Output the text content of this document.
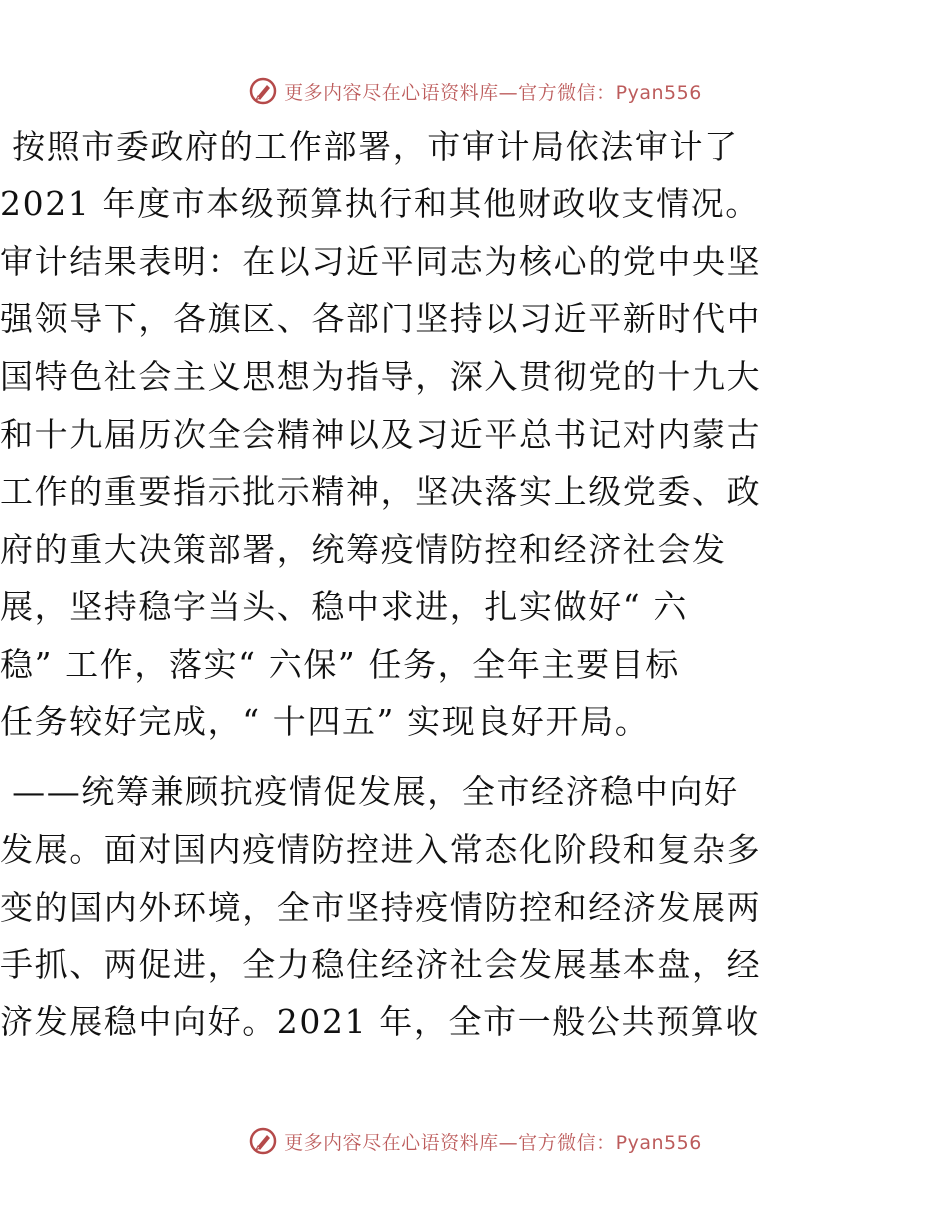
更多内容尽在心语资料库—官方微信：Pyan556
按照市委政府的工作部署，市审计局依法审计了
2021 年度市本级预算执行和其他财政收支情况。
审计结果表明：在以习近平同志为核心的党中央坚
强领导下，各旗区、各部门坚持以习近平新时代中
国特色社会主义思想为指导，深入贯彻党的十九大
和十九届历次全会精神以及习近平总书记对内蒙古
工作的重要指示批示精神，坚决落实上级党委、政
府的重大决策部署，统筹疫情防控和经济社会发
展，坚持稳字当头、稳中求进，扎实做好“ 六
稳” 工作，落实“ 六保” 任务，全年主要目标
任务较好完成，“ 十四五” 实现良好开局。
——统筹兼顾抗疫情促发展，全市经济稳中向好
发展。面对国内疫情防控进入常态化阶段和复杂多
变的国内外环境，全市坚持疫情防控和经济发展两
手抓、两促进，全力稳住经济社会发展基本盘，经
济发展稳中向好。2021 年，全市一般公共预算收
更多内容尽在心语资料库—官方微信：Pyan556
